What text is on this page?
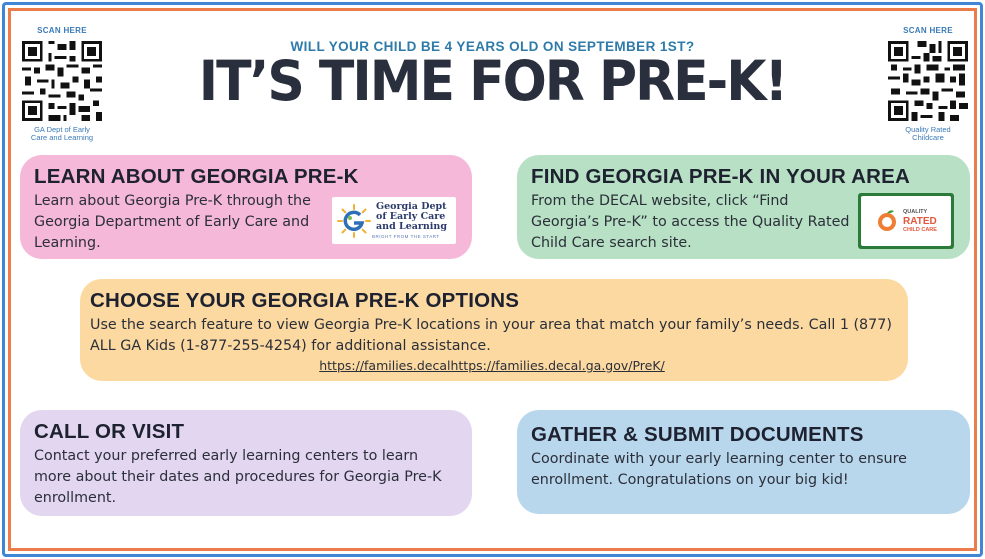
SCAN HERE
GA Dept of Early
Care and Learning
SCAN HERE
Quality Rated
Childcare
WILL YOUR CHILD BE 4 YEARS OLD ON SEPTEMBER 1ST?
IT’S TIME FOR PRE-K!
LEARN ABOUT GEORGIA PRE-K
Learn about Georgia Pre-K through the Georgia Department of Early Care and Learning.
Georgia Dept
of Early Care
and Learning
BRIGHT FROM THE START
FIND GEORGIA PRE-K IN YOUR AREA
From the DECAL website, click “Find Georgia’s Pre-K” to access the Quality Rated Child Care search site.
QUALITY
RATED
CHILD CARE
CHOOSE YOUR GEORGIA PRE-K OPTIONS
Use the search feature to view Georgia Pre-K locations in your area that match your family’s needs. Call 1 (877) ALL GA Kids (1-877-255-4254) for additional assistance.
https://families.decalhttps://families.decal.ga.gov/PreK/
CALL OR VISIT
Contact your preferred early learning centers to learn more about their dates and procedures for Georgia Pre-K enrollment.
GATHER & SUBMIT DOCUMENTS
Coordinate with your early learning center to ensure enrollment. Congratulations on your big kid!
